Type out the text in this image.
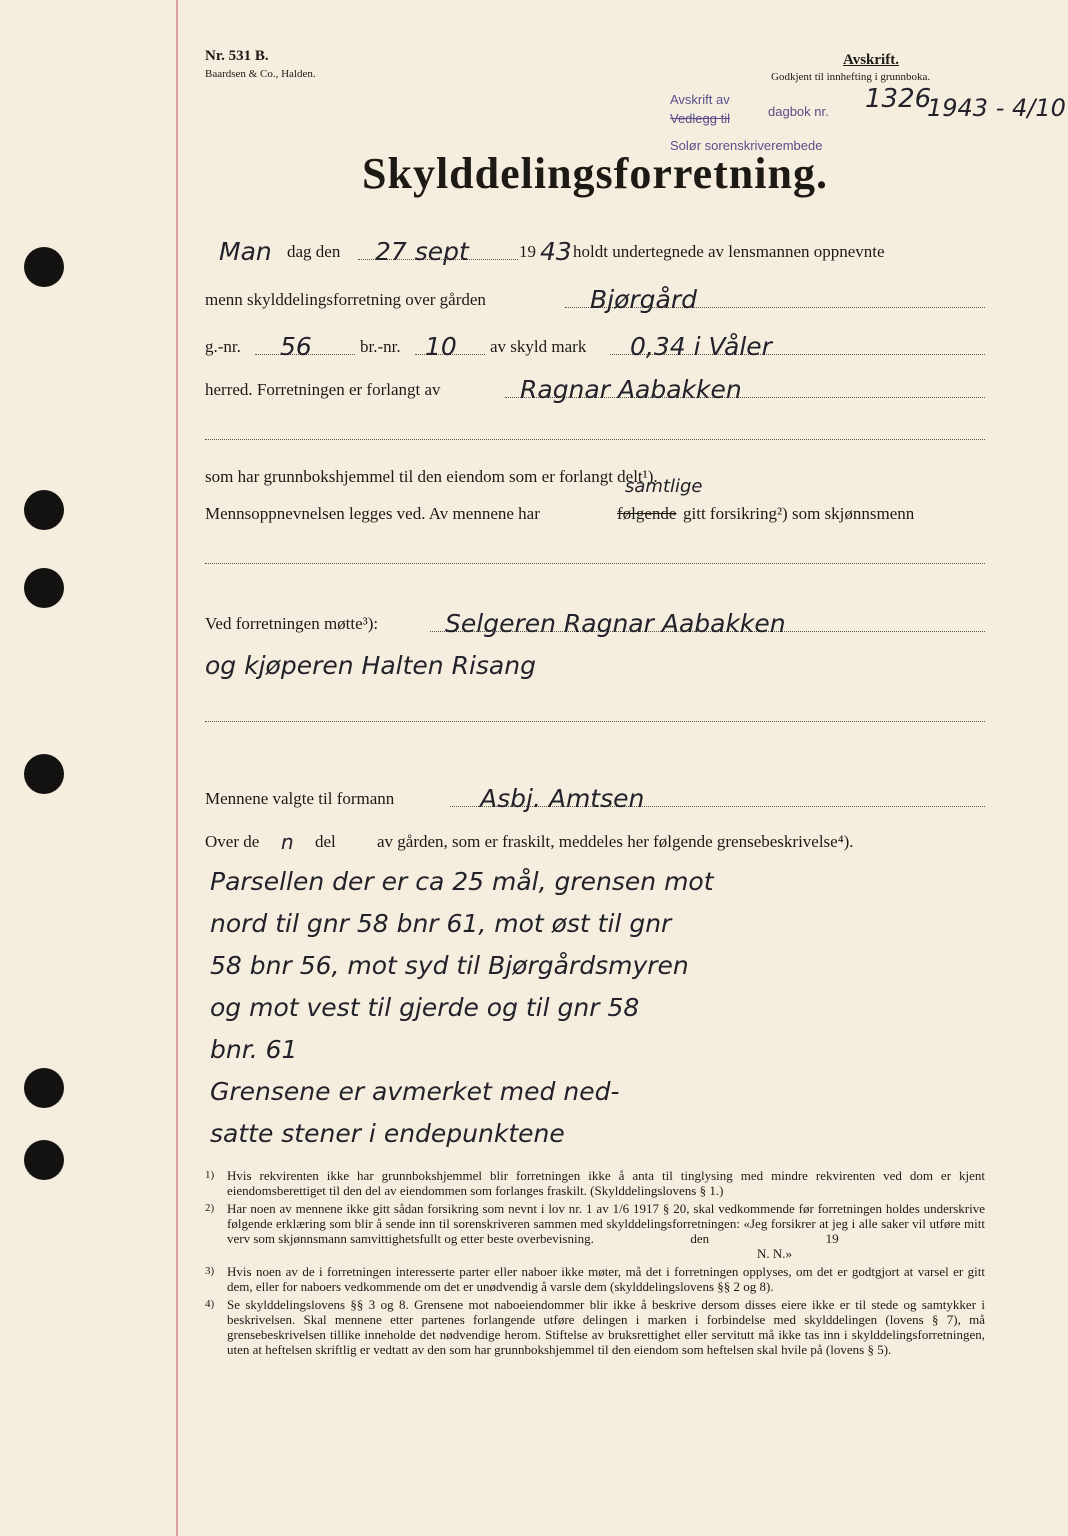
Nr. 531 B.
Baardsen & Co., Halden.
Avskrift.
Godkjent til innhefting i grunnboka.
Avskrift av
Vedlegg til	dagbok nr.
Solør sorenskriverembede
1326
1943 - 4/10
Skylddelingsforretning.
Man dag den 27 sept	19 43 holdt undertegnede av lensmannen oppnevnte
menn skylddelingsforretning over gården	Bjørgård
g.-nr. 56	br.-nr. 10 av skyld mark 0,34 i Våler
herred. Forretningen er forlangt av	Ragnar Aabakken
som har grunnbokshjemmel til den eiendom som er forlangt delt¹).
samtlige
Mennsoppnevnelsen legges ved. Av mennene har	følgende gitt forsikring²) som skjønnsmenn
Ved forretningen møtte³):	Selgeren Ragnar Aabakken
og kjøperen Halten Risang
Mennene valgte til formann	Asbj. Amtsen
Over de n del av gården, som er fraskilt, meddeles her følgende grensebeskrivelse⁴).
Parsellen der er ca 25 mål, grensen mot
nord til gnr 58 bnr 61, mot øst til gnr
58 bnr 56, mot syd til Bjørgårdsmyren
og mot vest til gjerde og til gnr 58
bnr. 61
Grensene er avmerket med ned-
satte stener i endepunktene
1) Hvis rekvirenten ikke har grunnbokshjemmel blir forretningen ikke å anta til tinglysing med mindre rekvirenten ved dom er kjent eiendomsberettiget til den del av eiendommen som forlanges fraskilt. (Skylddelingslovens § 1.)
2) Har noen av mennene ikke gitt sådan forsikring som nevnt i lov nr. 1 av 1/6 1917 § 20, skal vedkommende før forretningen holdes underskrive følgende erklæring som blir å sende inn til sorenskriveren sammen med skylddelingsforretningen: «Jeg forsikrer at jeg i alle saker vil utføre mitt verv som skjønnsmann samvittighetsfullt og etter beste overbevisning.	den	19
N. N.»
3) Hvis noen av de i forretningen interesserte parter eller naboer ikke møter, må det i forretningen opplyses, om det er godtgjort at varsel er gitt dem, eller for naboers vedkommende om det er unødvendig å varsle dem (skylddelingslovens §§ 2 og 8).
4) Se skylddelingslovens §§ 3 og 8. Grensene mot naboeiendommer blir ikke å beskrive dersom disses eiere ikke er til stede og samtykker i beskrivelsen. Skal mennene etter partenes forlangende utføre delingen i marken i forbindelse med skylddelingen (lovens § 7), må grensebeskrivelsen tillike inneholde det nødvendige herom. Stiftelse av bruksrettighet eller servitutt må ikke tas inn i skylddelingsforretningen, uten at heftelsen skriftlig er vedtatt av den som har grunnbokshjemmel til den eiendom som heftelsen skal hvile på (lovens § 5).
